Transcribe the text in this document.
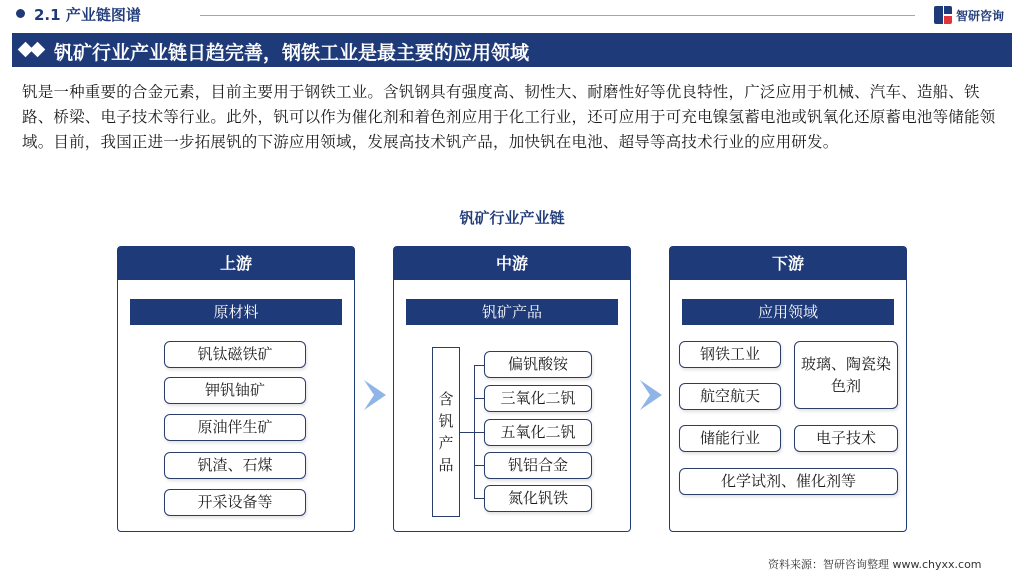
2.1 产业链图谱	智研咨询
钒矿行业产业链日趋完善，钢铁工业是最主要的应用领域

钒是一种重要的合金元素，目前主要用于钢铁工业。含钒钢具有强度高、韧性大、耐磨性好等优良特性，广泛应用于机械、汽车、造船、铁路、桥梁、电子技术等行业。此外，钒可以作为催化剂和着色剂应用于化工行业，还可应用于可充电镍氢蓄电池或钒氧化还原蓄电池等储能领域。目前，我国正进一步拓展钒的下游应用领域，发展高技术钒产品，加快钒在电池、超导等高技术行业的应用研发。

钒矿行业产业链
上游
原材料
钒钛磁铁矿
钾钒铀矿
原油伴生矿
钒渣、石煤
开采设备等
中游
钒矿产品
含钒产品
偏钒酸铵
三氧化二钒
五氧化二钒
钒铝合金
氮化钒铁
下游
应用领域
钢铁工业
玻璃、陶瓷染色剂
航空航天
储能行业	电子技术
化学试剂、催化剂等
资料来源：智研咨询整理 www.chyxx.com
